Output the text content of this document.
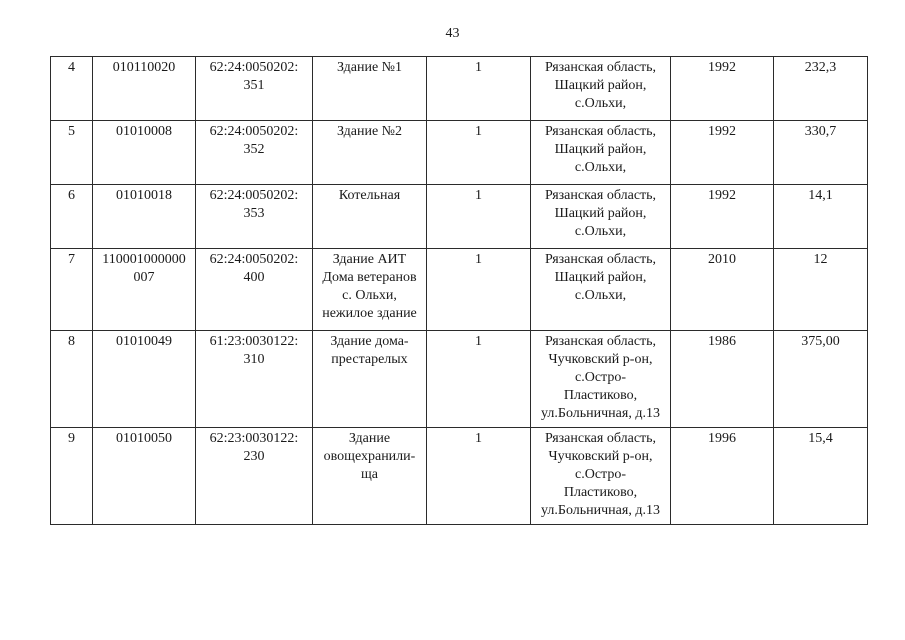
43
4	010110020	62:24:0050202:
351	Здание №1	1	Рязанская область,
Шацкий район,
с.Ольхи,	1992	232,3
5	01010008	62:24:0050202:
352	Здание №2	1	Рязанская область,
Шацкий район,
с.Ольхи,	1992	330,7
6	01010018	62:24:0050202:
353	Котельная	1	Рязанская область,
Шацкий район,
с.Ольхи,	1992	14,1
7	110001000000
007	62:24:0050202:
400	Здание АИТ
Дома ветеранов
с. Ольхи,
нежилое здание	1	Рязанская область,
Шацкий район,
с.Ольхи,	2010	12
8	01010049	61:23:0030122:
310	Здание дома-
престарелых	1	Рязанская область,
Чучковский р-он,
с.Остро-
Пластиково,
ул.Больничная, д.13	1986	375,00
9	01010050	62:23:0030122:
230	Здание
овощехранили-
ща	1	Рязанская область,
Чучковский р-он,
с.Остро-
Пластиково,
ул.Больничная, д.13	1996	15,4
